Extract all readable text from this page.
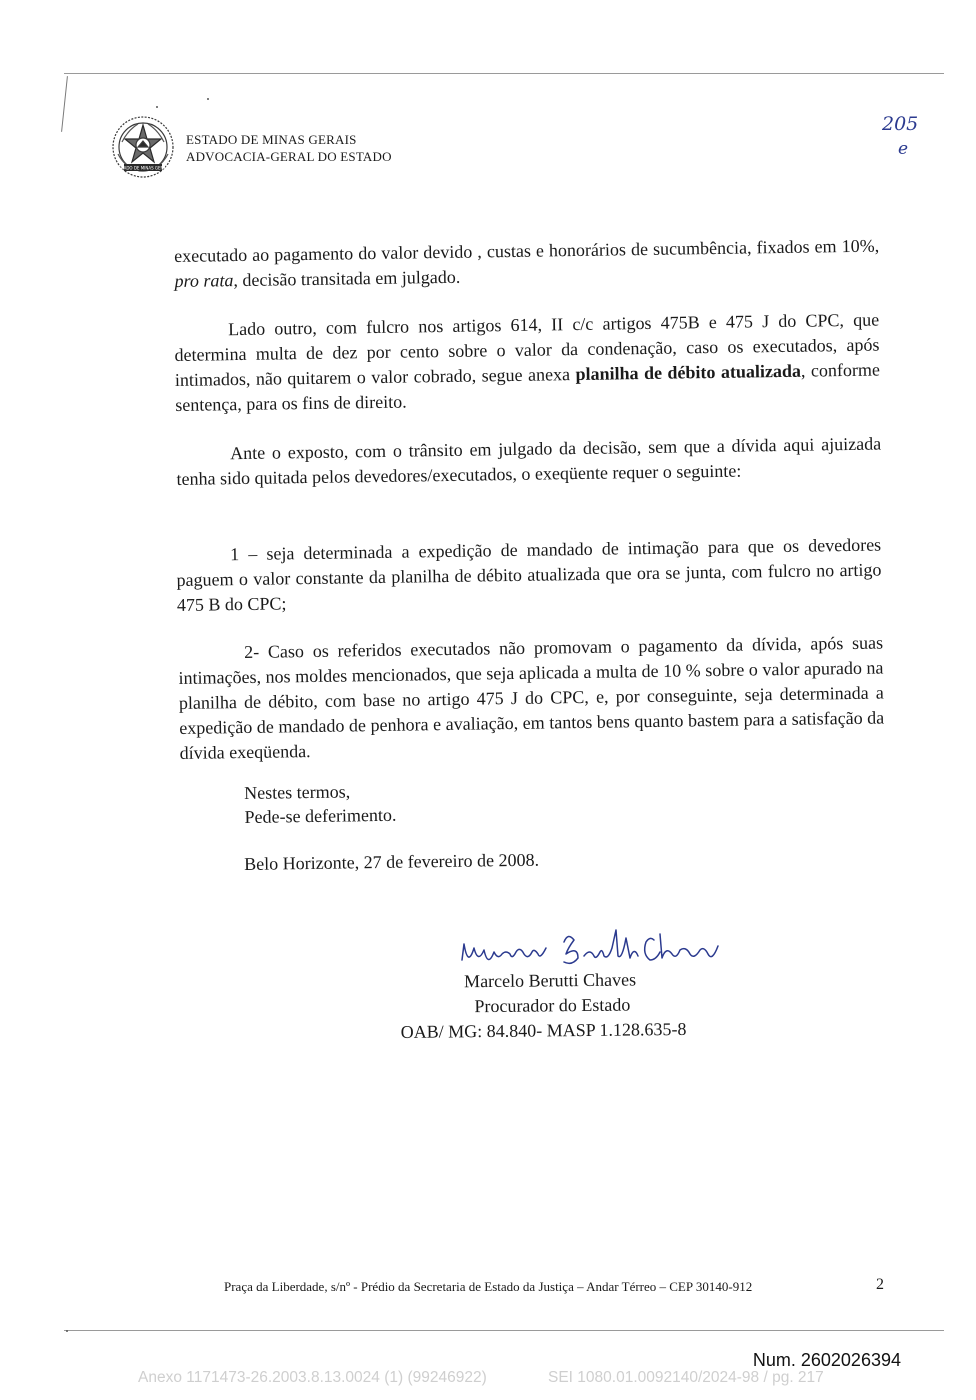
ESTADO DE MINAS GERAIS
ESTADO DE MINAS GERAIS
ADVOCACIA-GERAL DO ESTADO
205
e
executado ao pagamento do valor devido , custas e honorários de sucumbência, fixados em 10%, pro rata, decisão transitada em julgado.
Lado outro, com fulcro nos artigos 614, II c/c artigos 475B e 475 J do CPC, que determina multa de dez por cento sobre o valor da condenação, caso os executados, após intimados, não quitarem o valor cobrado, segue anexa planilha de débito atualizada, conforme sentença, para os fins de direito.
Ante o exposto, com o trânsito em julgado da decisão, sem que a dívida aqui ajuizada tenha sido quitada pelos devedores/executados, o exeqüente requer o seguinte:
1 – seja determinada a expedição de mandado de intimação para que os devedores paguem o valor constante da planilha de débito atualizada que ora se junta, com fulcro no artigo 475 B do CPC;
2- Caso os referidos executados não promovam o pagamento da dívida, após suas intimações, nos moldes mencionados, que seja aplicada a multa de 10 % sobre o valor apurado na planilha de débito, com base no artigo 475 J do CPC, e, por conseguinte, seja determinada a expedição de mandado de penhora e avaliação, em tantos bens quanto bastem para a satisfação da dívida exeqüenda.
Nestes termos,
Pede-se deferimento.
Belo Horizonte, 27 de fevereiro de 2008.
Marcelo Berutti Chaves
Procurador do Estado
OAB/ MG: 84.840- MASP 1.128.635-8
Praça da Liberdade, s/nº - Prédio da Secretaria de Estado da Justiça – Andar Térreo – CEP 30140-912	2
Num. 2602026394
Anexo 1171473-26.2003.8.13.0024 (1) (99246922)	SEI 1080.01.0092140/2024-98 / pg. 217
